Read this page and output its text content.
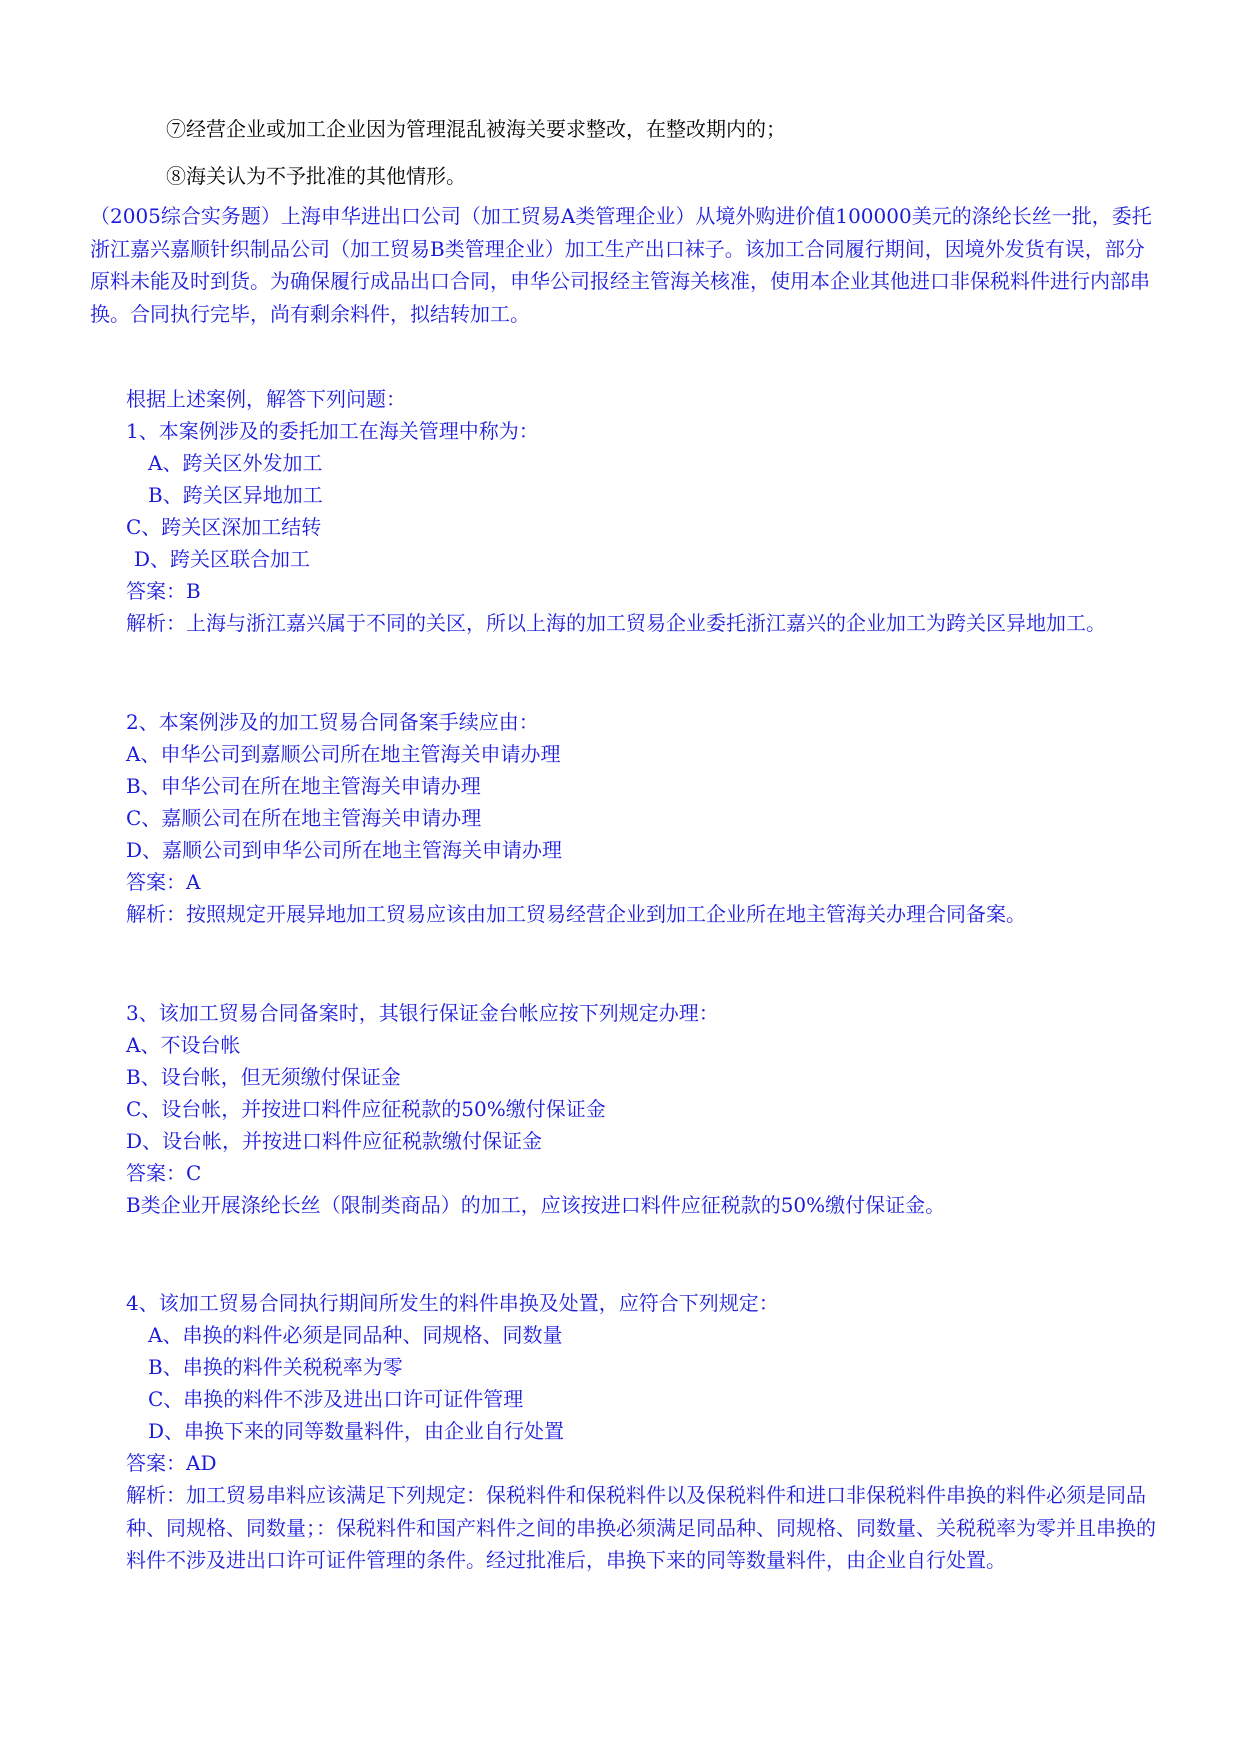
⑦经营企业或加工企业因为管理混乱被海关要求整改，在整改期内的；
⑧海关认为不予批准的其他情形。
（2005综合实务题）上海申华进出口公司（加工贸易A类管理企业）从境外购进价值100000美元的涤纶长丝一批，委托浙江嘉兴嘉顺针织制品公司（加工贸易B类管理企业）加工生产出口袜子。该加工合同履行期间，因境外发货有误，部分原料未能及时到货。为确保履行成品出口合同，申华公司报经主管海关核准，使用本企业其他进口非保税料件进行内部串换。合同执行完毕，尚有剩余料件，拟结转加工。
根据上述案例，解答下列问题：
1、本案例涉及的委托加工在海关管理中称为：
A、跨关区外发加工
B、跨关区异地加工
C、跨关区深加工结转
D、跨关区联合加工
答案：B
解析：上海与浙江嘉兴属于不同的关区，所以上海的加工贸易企业委托浙江嘉兴的企业加工为跨关区异地加工。
2、本案例涉及的加工贸易合同备案手续应由：
A、申华公司到嘉顺公司所在地主管海关申请办理
B、申华公司在所在地主管海关申请办理
C、嘉顺公司在所在地主管海关申请办理
D、嘉顺公司到申华公司所在地主管海关申请办理
答案：A
解析：按照规定开展异地加工贸易应该由加工贸易经营企业到加工企业所在地主管海关办理合同备案。
3、该加工贸易合同备案时，其银行保证金台帐应按下列规定办理：
A、不设台帐
B、设台帐，但无须缴付保证金
C、设台帐，并按进口料件应征税款的50%缴付保证金
D、设台帐，并按进口料件应征税款缴付保证金
答案：C
B类企业开展涤纶长丝（限制类商品）的加工，应该按进口料件应征税款的50%缴付保证金。
4、该加工贸易合同执行期间所发生的料件串换及处置，应符合下列规定：
A、串换的料件必须是同品种、同规格、同数量
B、串换的料件关税税率为零
C、串换的料件不涉及进出口许可证件管理
D、串换下来的同等数量料件，由企业自行处置
答案：AD
解析：加工贸易串料应该满足下列规定：保税料件和保税料件以及保税料件和进口非保税料件串换的料件必须是同品种、同规格、同数量；：保税料件和国产料件之间的串换必须满足同品种、同规格、同数量、关税税率为零并且串换的料件不涉及进出口许可证件管理的条件。经过批准后，串换下来的同等数量料件，由企业自行处置。
